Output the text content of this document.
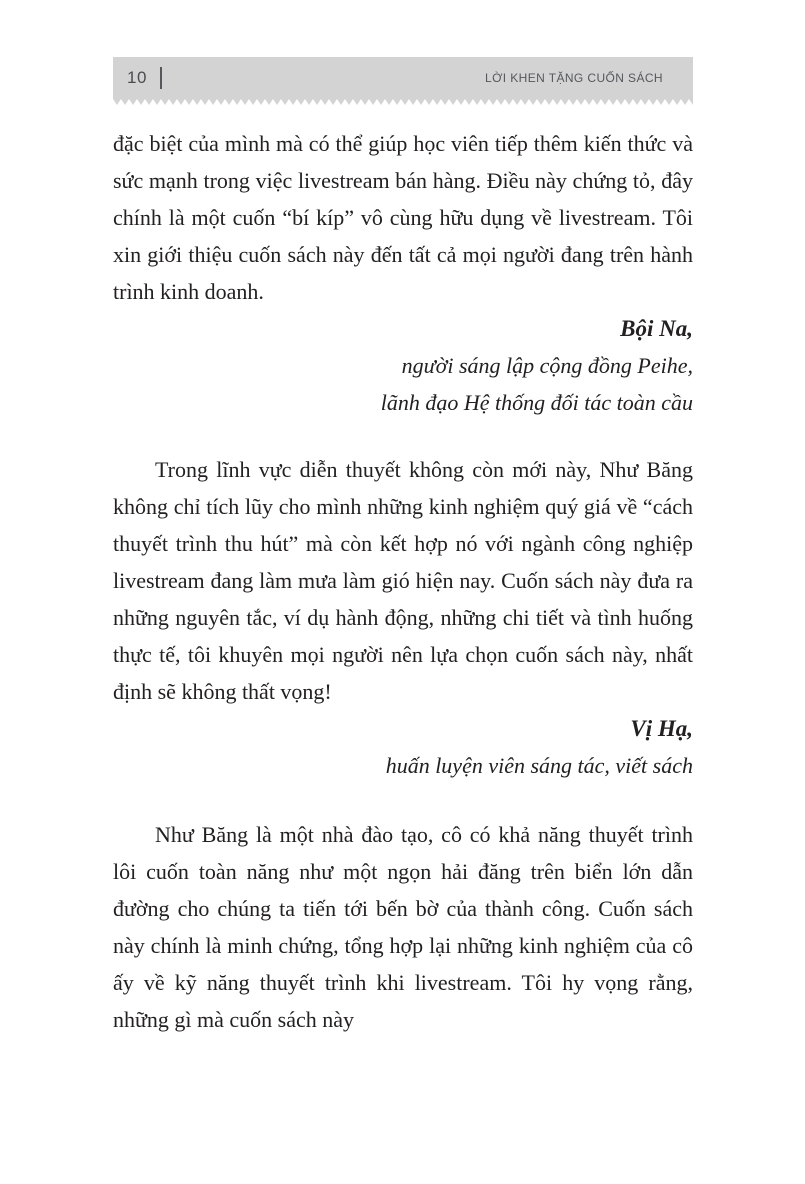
10	LỜI KHEN TẶNG CUỐN SÁCH

đặc biệt của mình mà có thể giúp học viên tiếp thêm kiến thức và sức mạnh trong việc livestream bán hàng. Điều này chứng tỏ, đây chính là một cuốn “bí kíp” vô cùng hữu dụng về livestream. Tôi xin giới thiệu cuốn sách này đến tất cả mọi người đang trên hành trình kinh doanh.

Bội Na,
người sáng lập cộng đồng Peihe,
lãnh đạo Hệ thống đối tác toàn cầu

Trong lĩnh vực diễn thuyết không còn mới này, Như Băng không chỉ tích lũy cho mình những kinh nghiệm quý giá về “cách thuyết trình thu hút” mà còn kết hợp nó với ngành công nghiệp livestream đang làm mưa làm gió hiện nay. Cuốn sách này đưa ra những nguyên tắc, ví dụ hành động, những chi tiết và tình huống thực tế, tôi khuyên mọi người nên lựa chọn cuốn sách này, nhất định sẽ không thất vọng!

Vị Hạ,
huấn luyện viên sáng tác, viết sách

Như Băng là một nhà đào tạo, cô có khả năng thuyết trình lôi cuốn toàn năng như một ngọn hải đăng trên biển lớn dẫn đường cho chúng ta tiến tới bến bờ của thành công. Cuốn sách này chính là minh chứng, tổng hợp lại những kinh nghiệm của cô ấy về kỹ năng thuyết trình khi livestream. Tôi hy vọng rằng, những gì mà cuốn sách này
